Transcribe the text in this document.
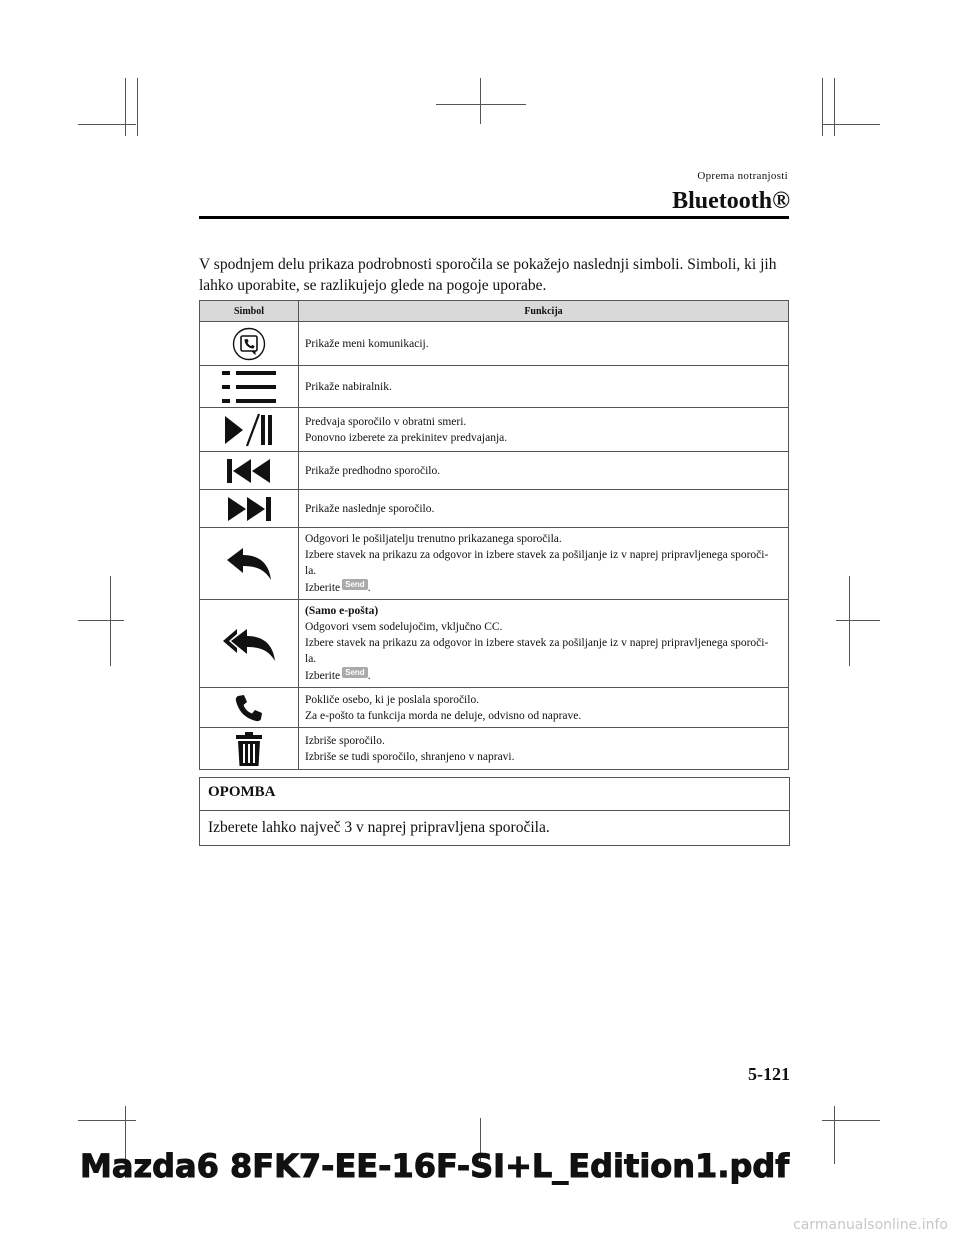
Oprema notranjosti
Bluetooth®
V spodnjem delu prikaza podrobnosti sporočila se pokažejo naslednji simboli. Simboli, ki jih lahko uporabite, se razlikujejo glede na pogoje uporabe.
Simbol	Funkcija

Prikaže meni komunikacij.

Prikaže nabiralnik.

Predvaja sporočilo v obratni smeri.
Ponovno izberete za prekinitev predvajanja.

Prikaže predhodno sporočilo.

Prikaže naslednje sporočilo.

Odgovori le pošiljatelju trenutno prikazanega sporočila.
Izbere stavek na prikazu za odgovor in izbere stavek za pošiljanje iz v naprej pripravljenega sporoči-
la.
Izberite Send .

(Samo e-pošta)
Odgovori vsem sodelujočim, vključno CC.
Izbere stavek na prikazu za odgovor in izbere stavek za pošiljanje iz v naprej pripravljenega sporoči-
la.
Izberite Send .

Pokliče osebo, ki je poslala sporočilo.
Za e-pošto ta funkcija morda ne deluje, odvisno od naprave.

Izbriše sporočilo.
Izbriše se tudi sporočilo, shranjeno v napravi.
OPOMBA
Izberete lahko največ 3 v naprej pripravljena sporočila.
5-121
Mazda6 8FK7-EE-16F-SI+L_Edition1.pdf
carmanualsonline.info
